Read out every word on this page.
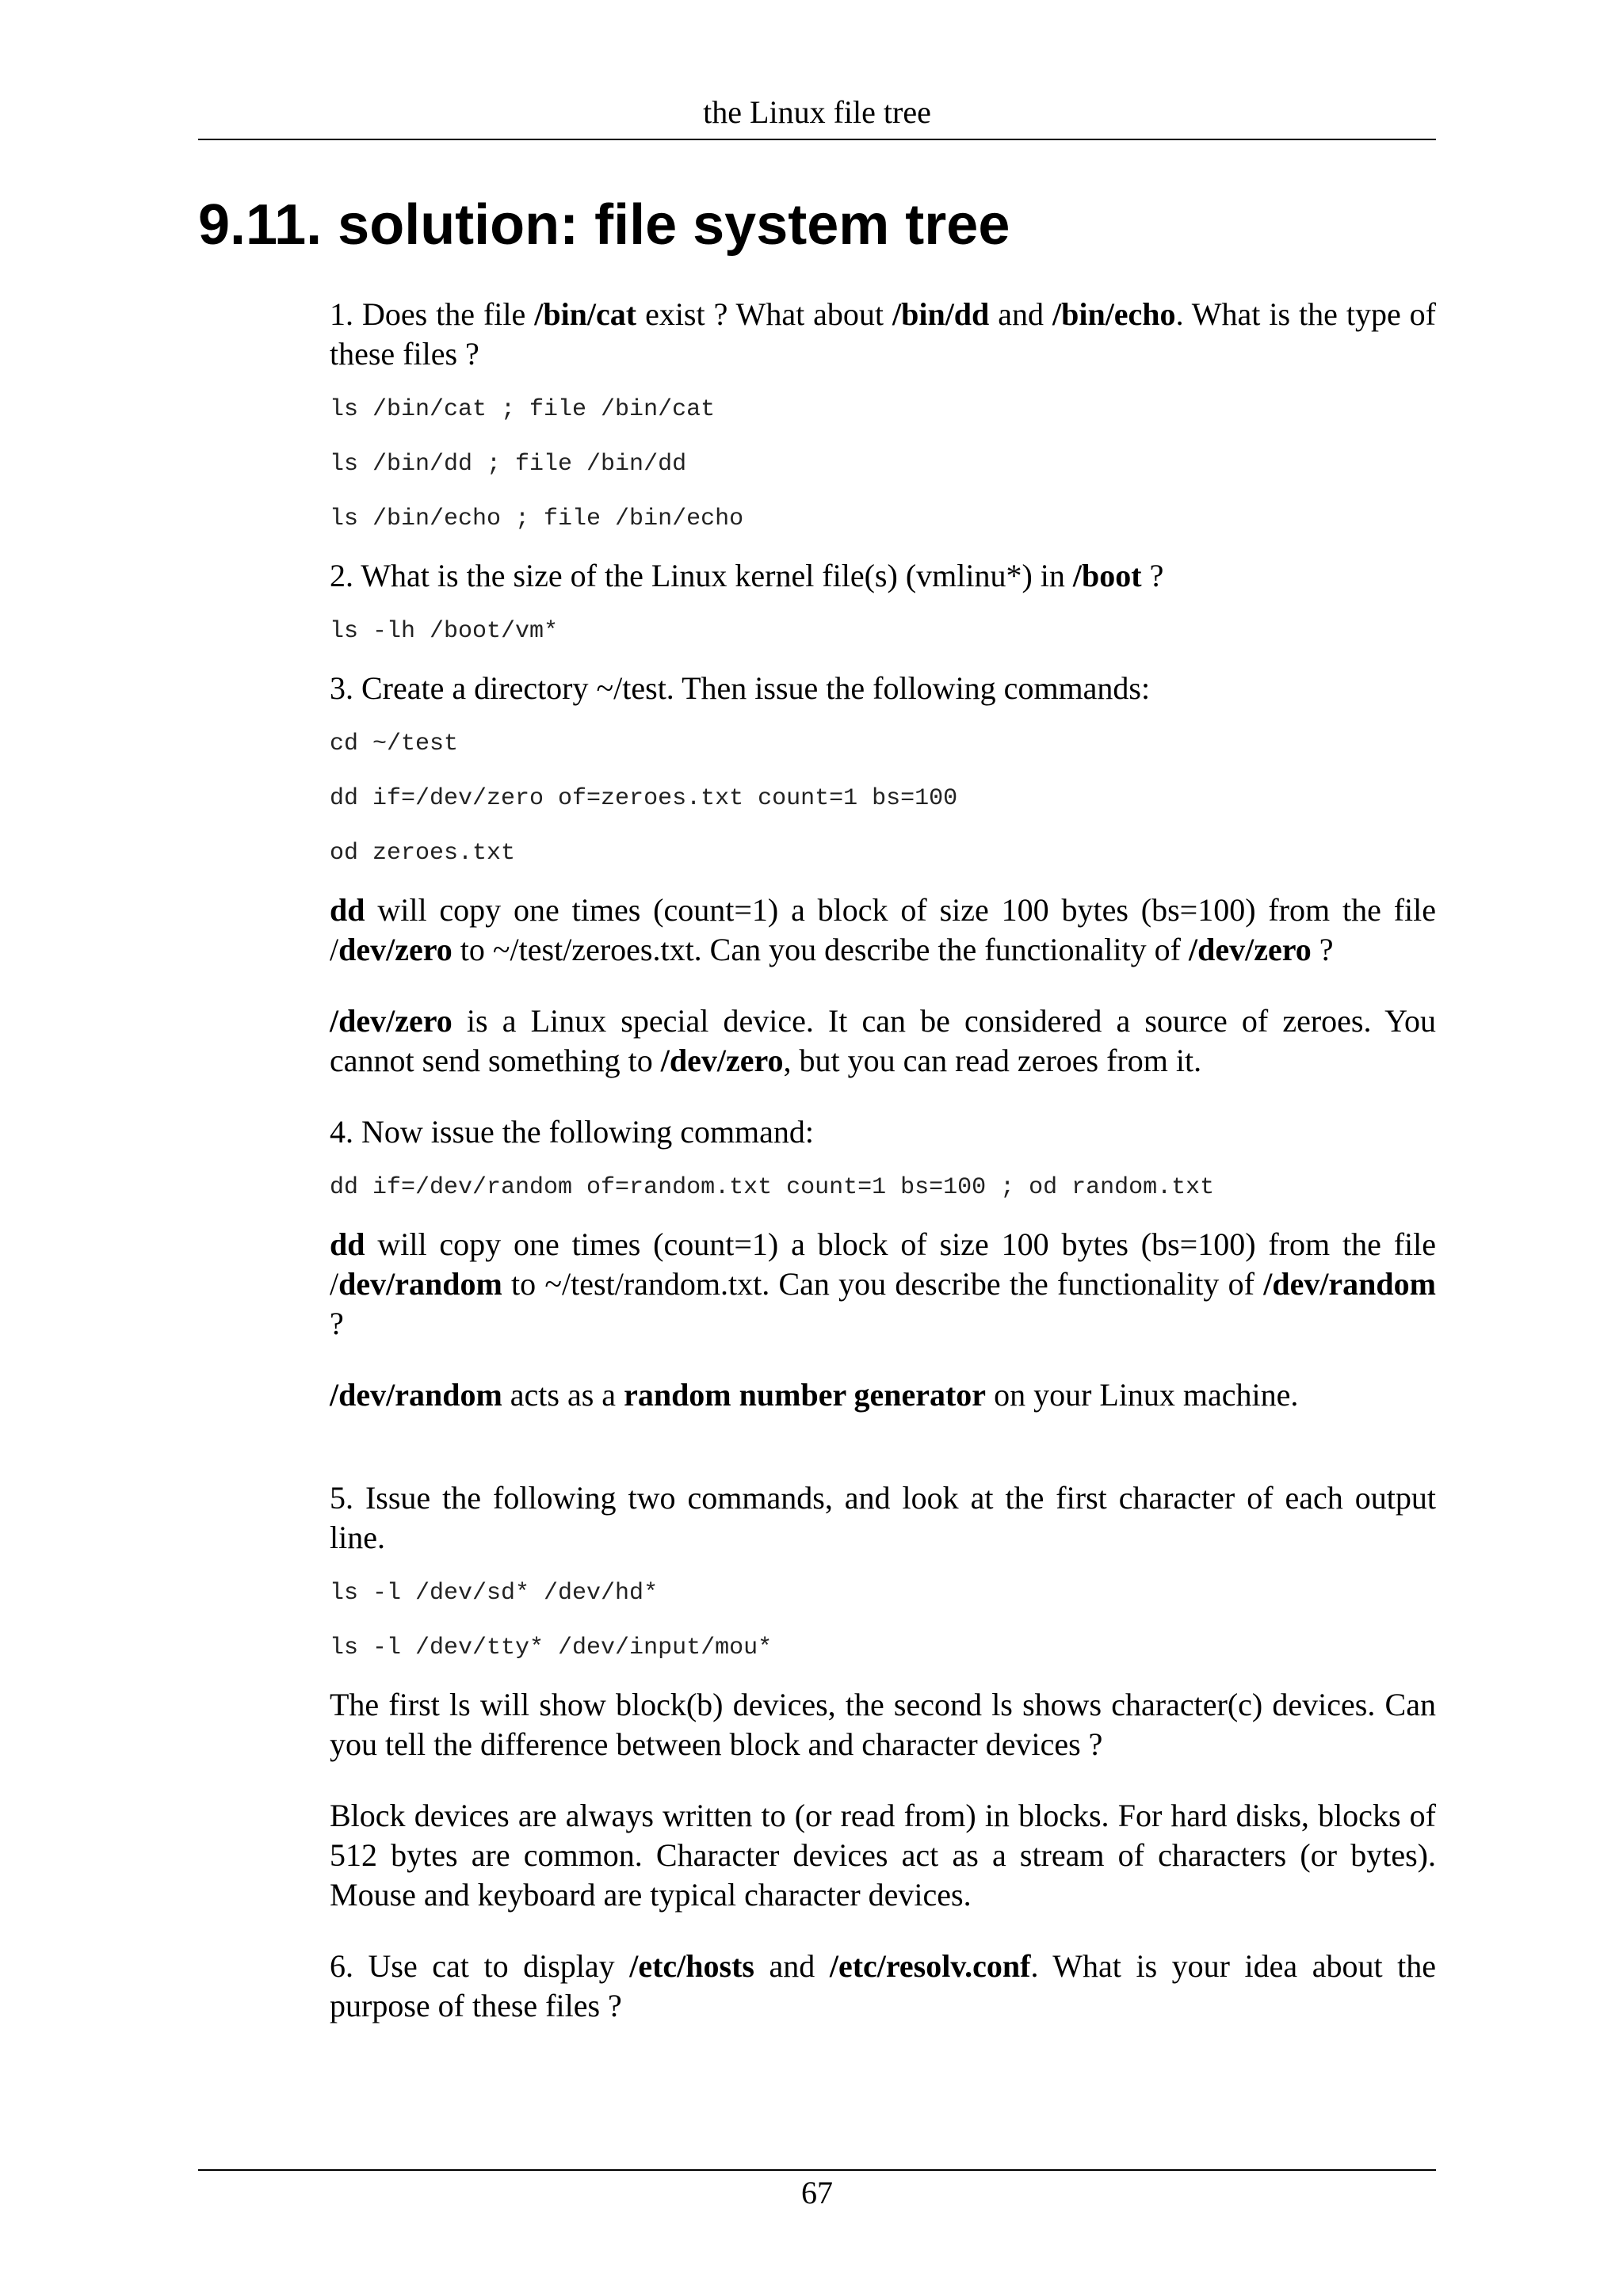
the Linux file tree
9.11. solution: file system tree

1. Does the file /bin/cat exist ? What about /bin/dd and /bin/echo. What is the type of these files ?

ls /bin/cat ; file /bin/cat

ls /bin/dd ; file /bin/dd

ls /bin/echo ; file /bin/echo

2. What is the size of the Linux kernel file(s) (vmlinu*) in /boot ?

ls -lh /boot/vm*

3. Create a directory ~/test. Then issue the following commands:

cd ~/test

dd if=/dev/zero of=zeroes.txt count=1 bs=100

od zeroes.txt

dd will copy one times (count=1) a block of size 100 bytes (bs=100) from the file /dev/zero to ~/test/zeroes.txt. Can you describe the functionality of /dev/zero ?

/dev/zero is a Linux special device. It can be considered a source of zeroes. You cannot send something to /dev/zero, but you can read zeroes from it.

4. Now issue the following command:

dd if=/dev/random of=random.txt count=1 bs=100 ; od random.txt

dd will copy one times (count=1) a block of size 100 bytes (bs=100) from the file /dev/random to ~/test/random.txt. Can you describe the functionality of /dev/random ?

/dev/random acts as a random number generator on your Linux machine.

5. Issue the following two commands, and look at the first character of each output line.

ls -l /dev/sd* /dev/hd*

ls -l /dev/tty* /dev/input/mou*

The first ls will show block(b) devices, the second ls shows character(c) devices. Can you tell the difference between block and character devices ?

Block devices are always written to (or read from) in blocks. For hard disks, blocks of 512 bytes are common. Character devices act as a stream of characters (or bytes). Mouse and keyboard are typical character devices.

6. Use cat to display /etc/hosts and /etc/resolv.conf. What is your idea about the purpose of these files ?

67
